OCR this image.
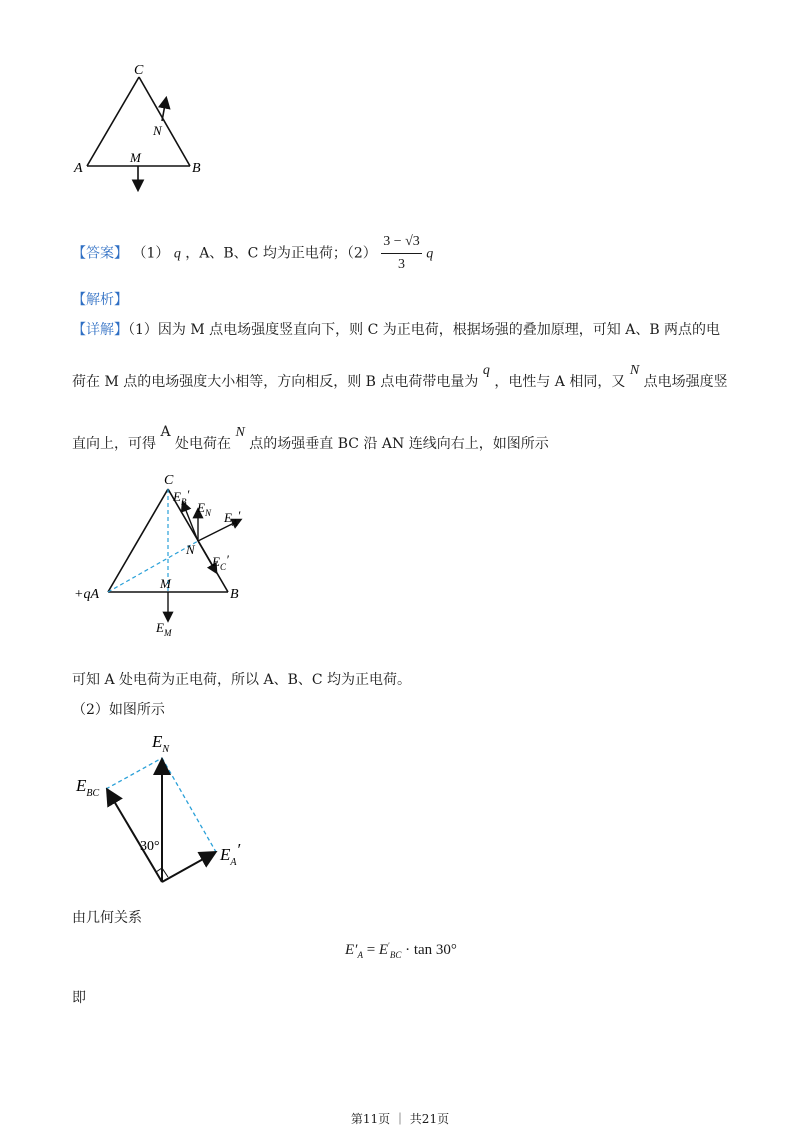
C
N
A
M
B
【答案】 （1） q ，A、B、C 均为正电荷；$(2) \frac{3 - √3}{3}$ q
【解析】
【详解】（1）因为 M 点电场强度竖直向下，则 C 为正电荷，根据场强的叠加原理，可知 A、B 两点的电
荷在 M 点的电场强度大小相等，方向相反，则 B 点电荷带电量为 q ，电性与 A 相同，又 N 点电场强度竖
直向上，可得 A 处电荷在 N 点的场强垂直 BC 沿 AN 连线向右上，如图所示
C
$E_B'$
$E_N$ $E_A'$
N
$E_C'$
+qA
M
B
$E_M$
可知 A 处电荷为正电荷，所以 A、B、C 均为正电荷。
（2）如图所示
$E_N$
$E_{BC}$
30°	$E_A'$
由几何关系
$E'_A = E'_{BC} \cdot \tan 30^\circ$
即
第11页 ｜ 共21页
